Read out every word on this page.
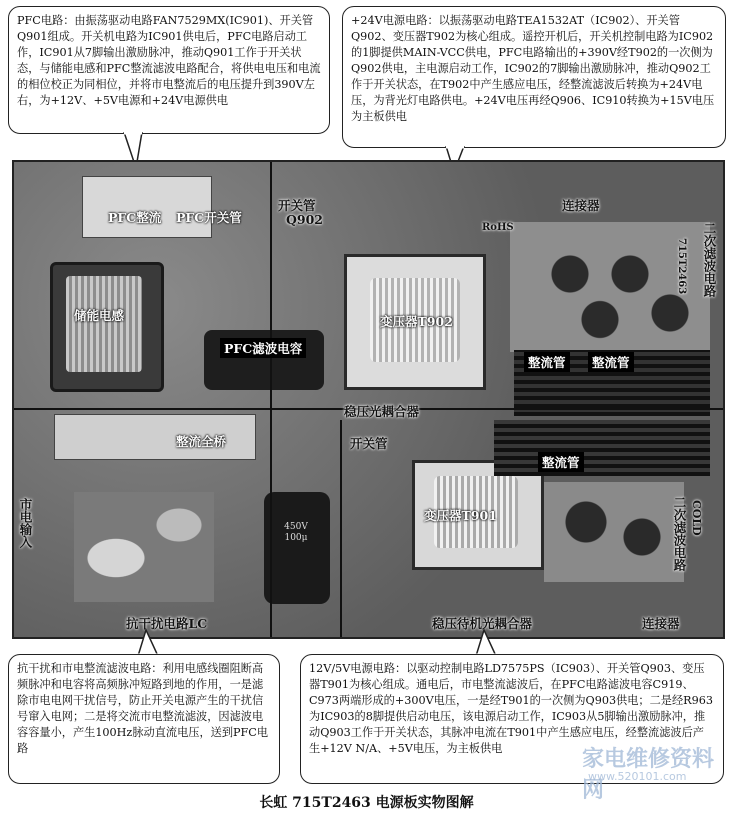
PFC电路：由振荡驱动电路FAN7529MX(IC901)、开关管Q901组成。开关机电路为IC901供电后，PFC电路启动工作，IC901从7脚输出激励脉冲，推动Q901工作于开关状态，与储能电感和PFC整流滤波电路配合，将供电电压和电流的相位校正为同相位，并将市电整流后的电压提升到390V左右，为+12V、+5V电源和+24V电源供电
+24V电源电路：以振荡驱动电路TEA1532AT（IC902）、开关管Q902、变压器T902为核心组成。遥控开机后，开关机控制电路为IC902的1脚提供MAIN-VCC供电，PFC电路输出的+390V经T902的一次侧为Q902供电，主电源启动工作，IC902的7脚输出激励脉冲，推动Q902工作于开关状态，在T902中产生感应电压，经整流滤波后转换为+24V电压，为背光灯电路供电。+24V电压再经Q906、IC910转换为+15V电压为主板供电
450V 100μ
RoHS
715T2463
COLD
PFC整流 PFC开关管
开关管
Q902
连接器
储能电感
PFC滤波电容
变压器T902
二次滤波电路
整流管	整流管
稳压光耦合器
整流全桥	开关管
整流管
变压器T901	二次滤波电路
市电输入
抗干扰电路LC	稳压待机光耦合器	连接器
抗干扰和市电整流滤波电路：利用电感线圈阻断高频脉冲和电容将高频脉冲短路到地的作用，一是滤除市电电网干扰信号，防止开关电源产生的干扰信号窜入电网；二是将交流市电整流滤波，因滤波电容容量小，产生100Hz脉动直流电压，送到PFC电路
12V/5V电源电路：以驱动控制电路LD7575PS（IC903）、开关管Q903、变压器T901为核心组成。通电后，市电整流滤波后，在PFC电路滤波电容C919、C973两端形成的+300V电压，一是经T901的一次侧为Q903供电；二是经R963为IC903的8脚提供启动电压，该电源启动工作，IC903从5脚输出激励脉冲，推动Q903工作于开关状态，其脉冲电流在T901中产生感应电压，经整流滤波后产生+12V N/A、+5V电压，为主板供电	家电维修资料网
www.520101.com
长虹 715T2463 电源板实物图解
